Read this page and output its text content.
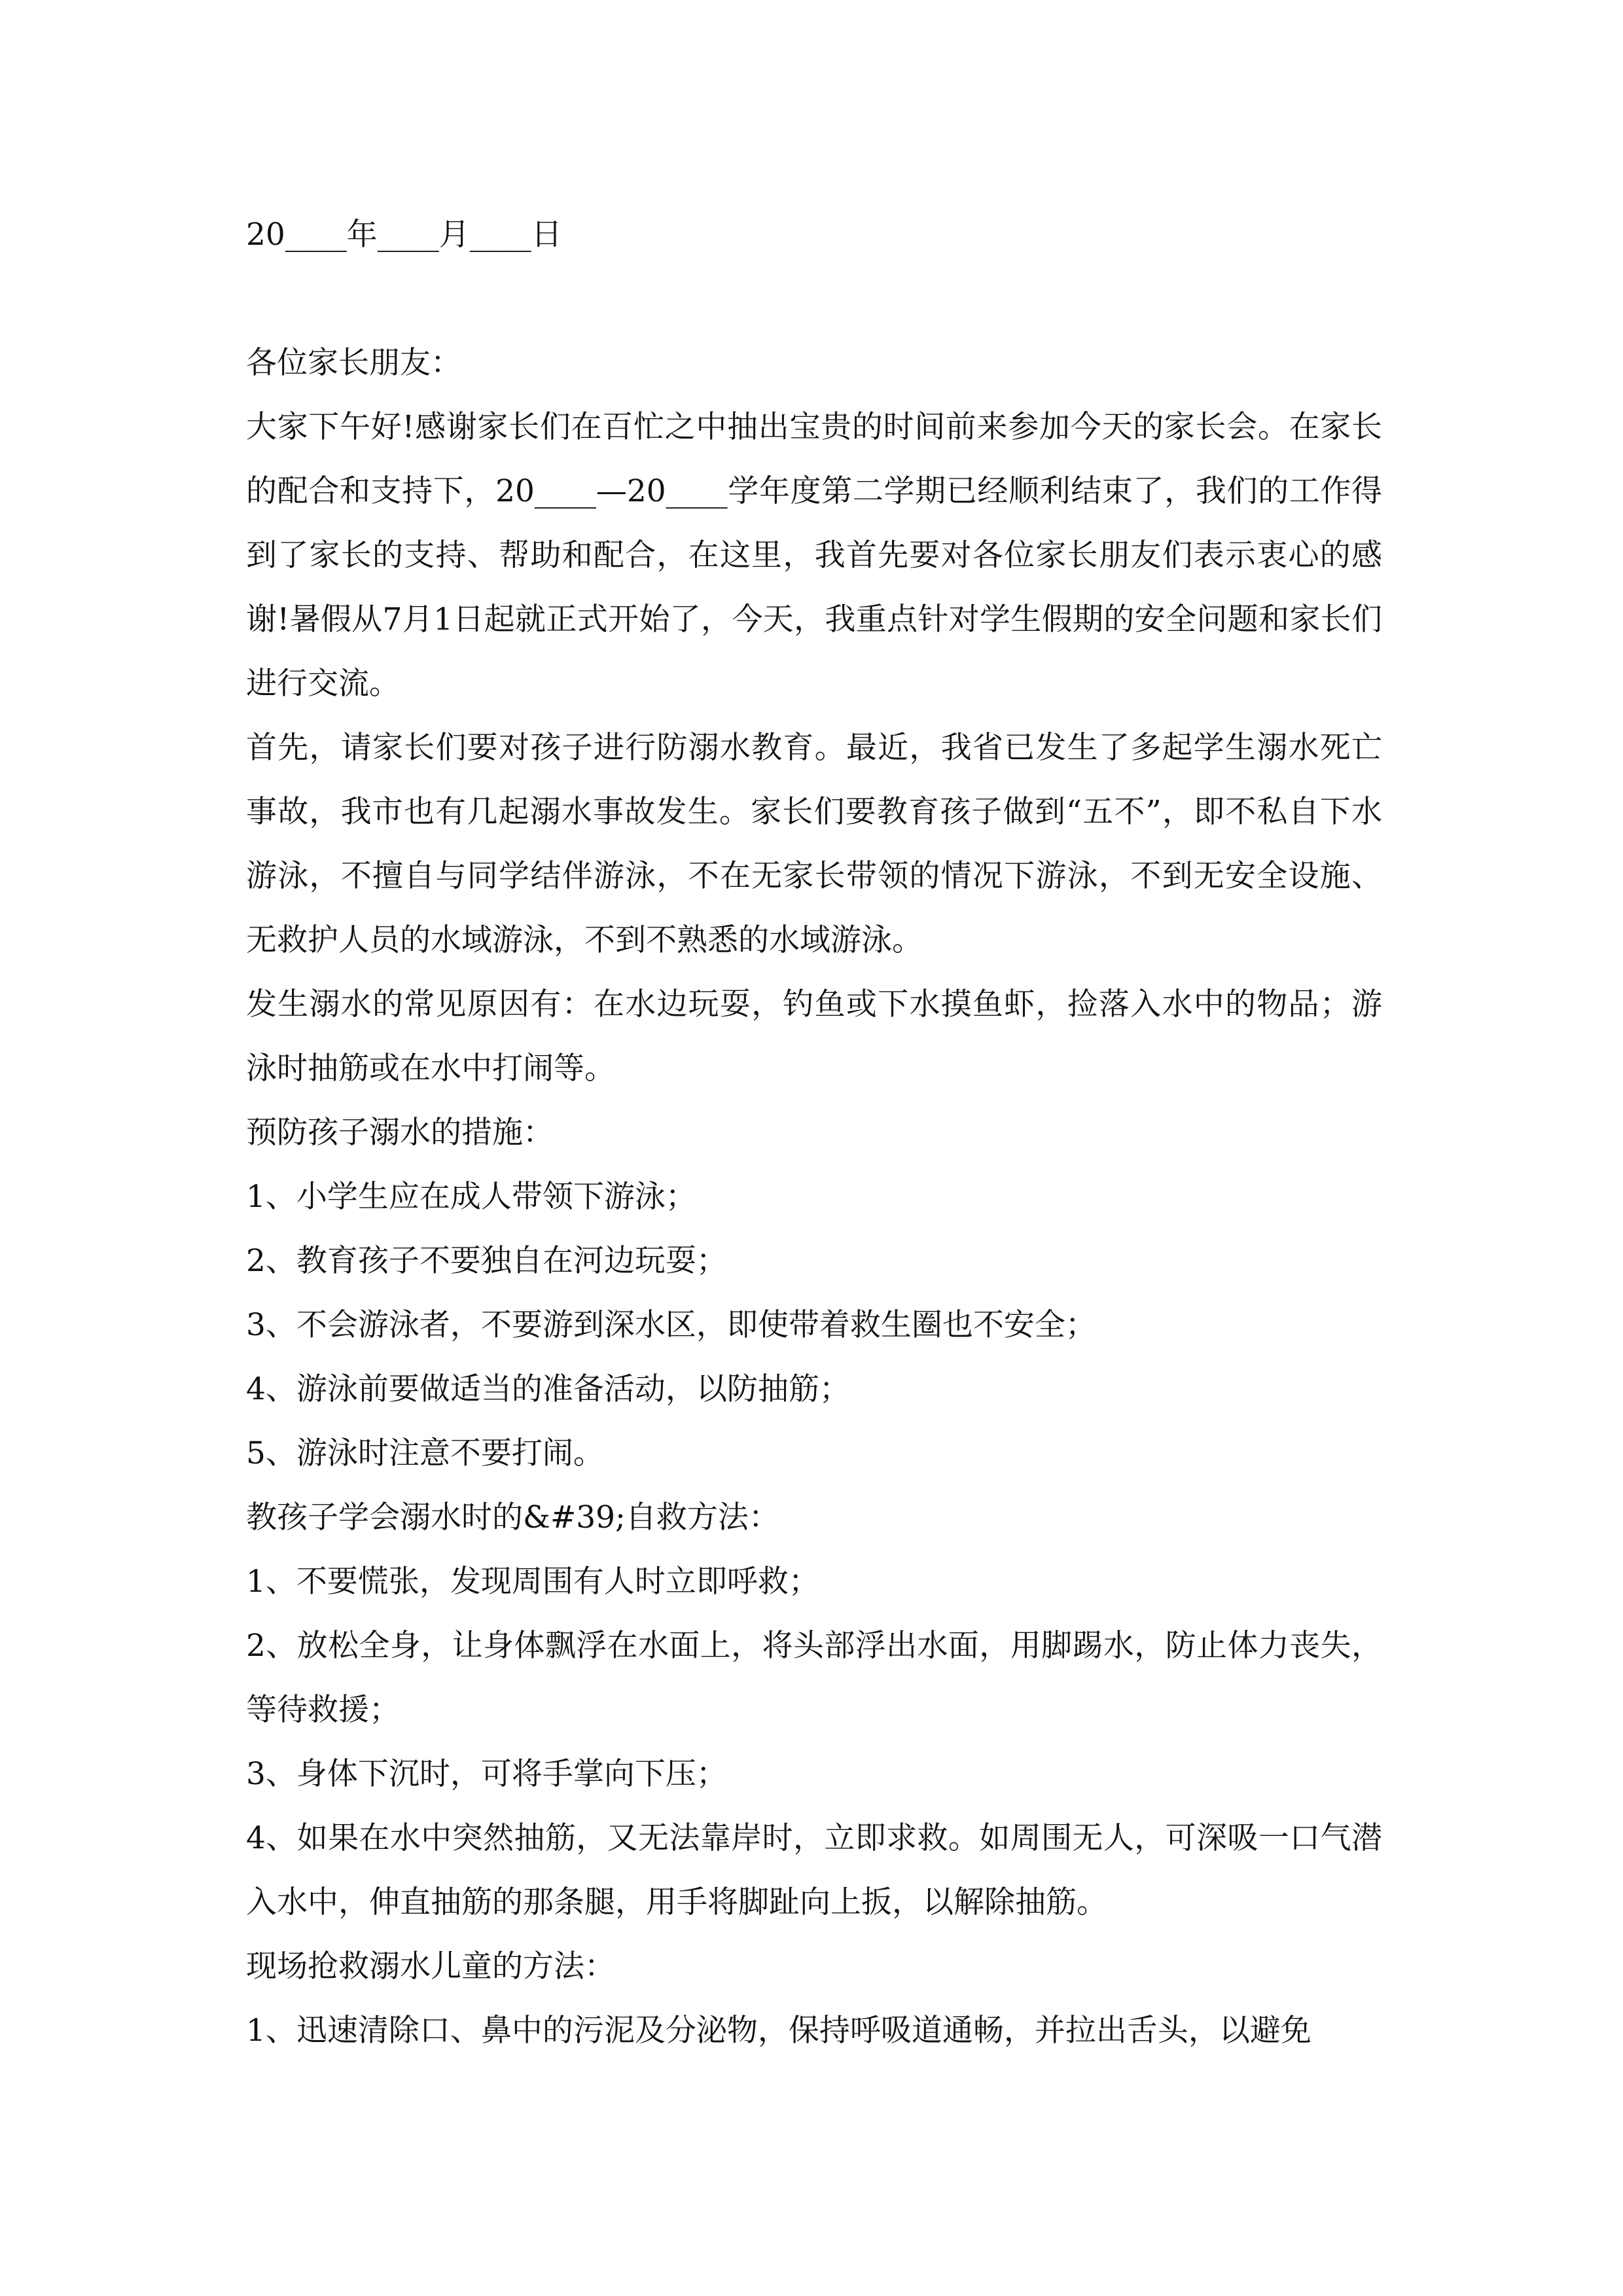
20____年____月____日

各位家长朋友：

大家下午好!感谢家长们在百忙之中抽出宝贵的时间前来参加今天的家长会。在家长的配合和支持下，20____—20____学年度第二学期已经顺利结束了，我们的工作得到了家长的支持、帮助和配合，在这里，我首先要对各位家长朋友们表示衷心的感谢!暑假从7月1日起就正式开始了，今天，我重点针对学生假期的安全问题和家长们进行交流。

首先，请家长们要对孩子进行防溺水教育。最近，我省已发生了多起学生溺水死亡事故，我市也有几起溺水事故发生。家长们要教育孩子做到“五不”，即不私自下水游泳，不擅自与同学结伴游泳，不在无家长带领的情况下游泳，不到无安全设施、无救护人员的水域游泳，不到不熟悉的水域游泳。

发生溺水的常见原因有：在水边玩耍，钓鱼或下水摸鱼虾，捡落入水中的物品；游泳时抽筋或在水中打闹等。

预防孩子溺水的措施：

1、小学生应在成人带领下游泳；

2、教育孩子不要独自在河边玩耍；

3、不会游泳者，不要游到深水区，即使带着救生圈也不安全；

4、游泳前要做适当的准备活动，以防抽筋；

5、游泳时注意不要打闹。

教孩子学会溺水时的&#39;自救方法：

1、不要慌张，发现周围有人时立即呼救；

2、放松全身，让身体飘浮在水面上，将头部浮出水面，用脚踢水，防止体力丧失，等待救援；

3、身体下沉时，可将手掌向下压；

4、如果在水中突然抽筋，又无法靠岸时，立即求救。如周围无人，可深吸一口气潜入水中，伸直抽筋的那条腿，用手将脚趾向上扳，以解除抽筋。

现场抢救溺水儿童的方法：

1、迅速清除口、鼻中的污泥及分泌物，保持呼吸道通畅，并拉出舌头，以避免
